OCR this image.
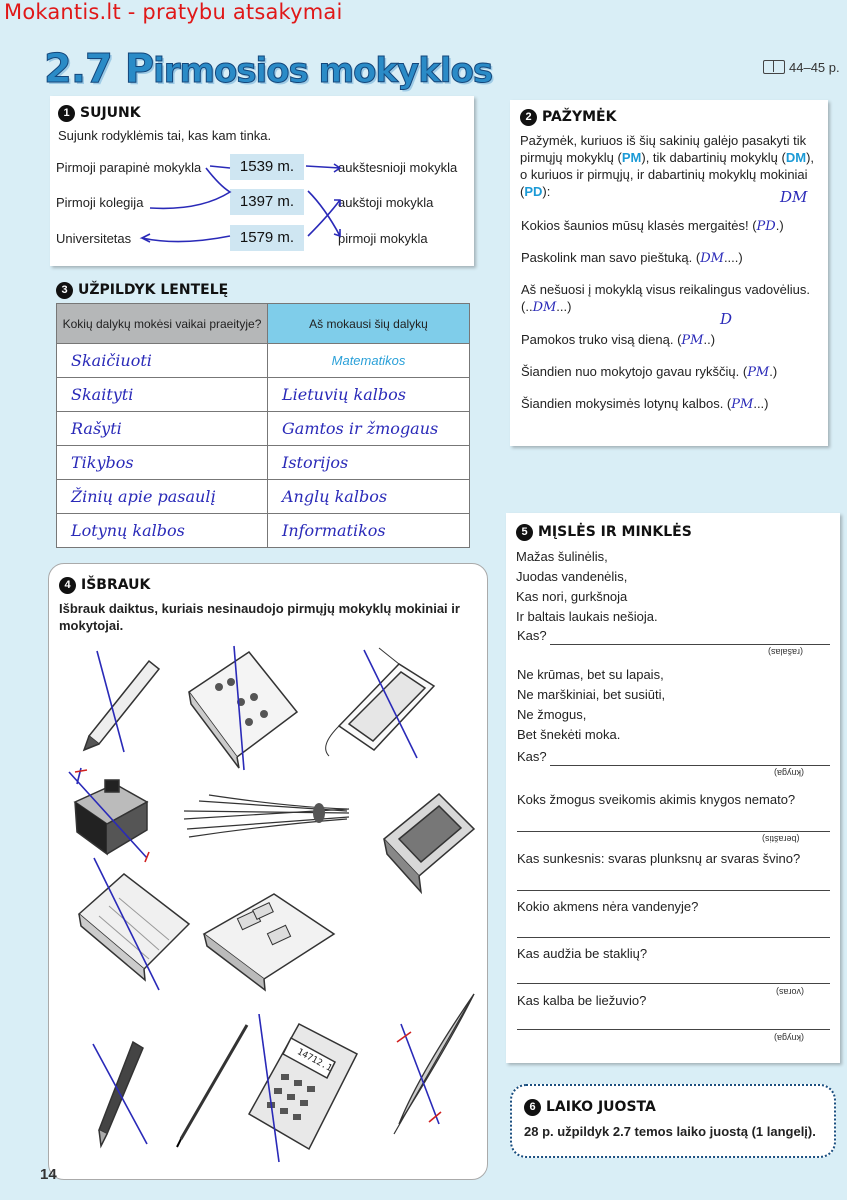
Mokantis.lt - pratybu atsakymai
2.7 Pirmosios mokyklos	44–45 p.
1 SUJUNK
Sujunk rodyklėmis tai, kas kam tinka.
Pirmoji parapinė mokykla
Pirmoji kolegija
Universitetas
1539 m.
1397 m.
1579 m.
aukštesnioji mokykla
aukštoji mokykla
pirmoji mokykla
2 PAŽYMĖK

Pažymėk, kuriuos iš šių sakinių galėjo pasakyti tik pirmųjų mokyklų (PM), tik dabartinių mokyklų (DM), o kuriuos ir pirmųjų, ir dabartinių mokyklų mokiniai (PD):	DM
Kokios šaunios mūsų klasės mergaitės! (PD.)
Paskolink man savo pieštuką. (DM....)
Aš nešuosi į mokyklą visus reikalingus vadovėlius.
(..DM...)
D
Pamokos truko visą dieną. (PM..)
Šiandien nuo mokytojo gavau rykščių. (PM.)
Šiandien mokysimės lotynų kalbos. (PM...)
3 UŽPILDYK LENTELĘ
Kokių dalykų mokėsi vaikai praeityje?	Aš mokausi šių dalykų
Skaičiuoti	Matematikos
Skaityti	Lietuvių kalbos
Rašyti	Gamtos ir žmogaus
Tikybos	Istorijos
Žinių apie pasaulį	Anglų kalbos
Lotynų kalbos	Informatikos
4 IŠBRAUK
Išbrauk daiktus, kuriais nesinaudojo pirmųjų mokyklų mokiniai ir mokytojai.
14712.1
5 MĮSLĖS IR MINKLĖS
Mažas šulinėlis,
Juodas vandenėlis,
Kas nori, gurkšnoja
Ir baltais laukais nešioja.
Kas?
(rašalas)
Ne krūmas, bet su lapais,
Ne marškiniai, bet susiūti,
Ne žmogus,
Bet šnekėti moka.
Kas?
(knyga)
Koks žmogus sveikomis akimis knygos nemato?
(beraštis)
Kas sunkesnis: svaras plunksnų ar svaras švino?
Kokio akmens nėra vandenyje?
Kas audžia be staklių?
(voras)
Kas kalba be liežuvio?
(knyga)
6 LAIKO JUOSTA
28 p. užpildyk 2.7 temos laiko juostą (1 langelį).
14
